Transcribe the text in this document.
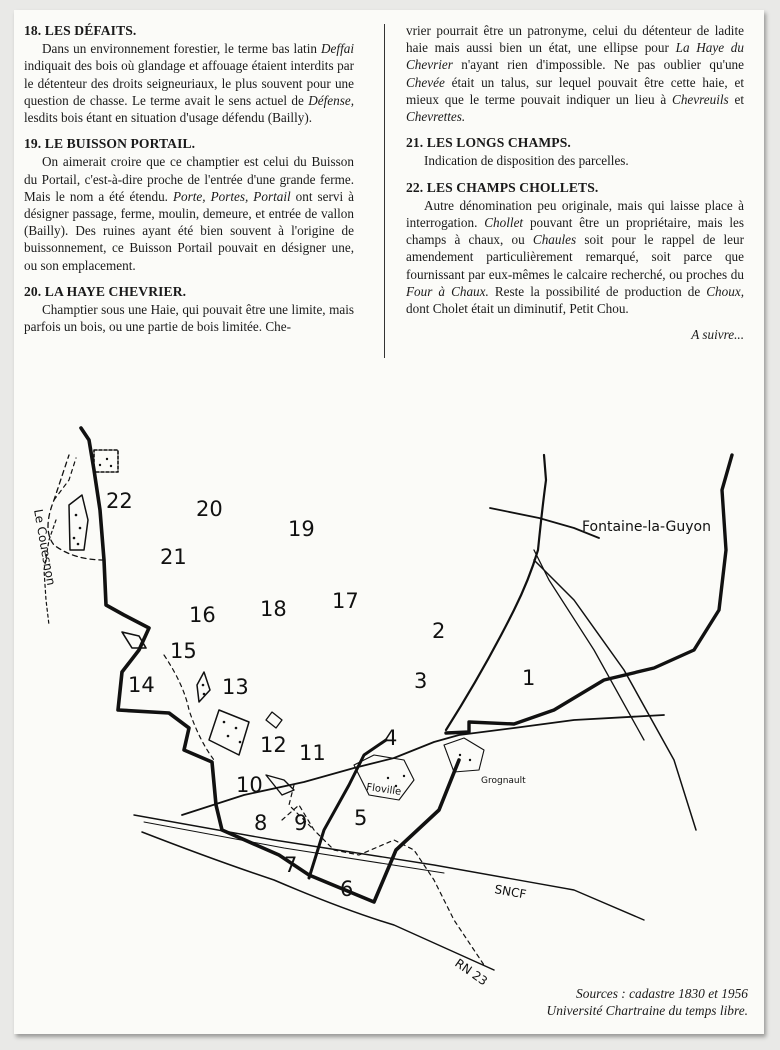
18. LES DÉFAITS.

Dans un environnement forestier, le terme bas latin Deffai indiquait des bois où glandage et affouage étaient interdits par le détenteur des droits seigneuriaux, le plus souvent pour une question de chasse. Le terme avait le sens actuel de Défense, lesdits bois étant en situation d'usage défendu (Bailly).

19. LE BUISSON PORTAIL.

On aimerait croire que ce champtier est celui du Buisson du Portail, c'est-à-dire proche de l'entrée d'une grande ferme. Mais le nom a été étendu. Porte, Portes, Portail ont servi à désigner passage, ferme, moulin, demeure, et entrée de vallon (Bailly). Des ruines ayant été bien souvent à l'origine de buissonnement, ce Buisson Portail pouvait en désigner une, ou son emplacement.

20. LA HAYE CHEVRIER.

Champtier sous une Haie, qui pouvait être une limite, mais parfois un bois, ou une partie de bois limitée. Che-

vrier pourrait être un patronyme, celui du détenteur de ladite haie mais aussi bien un état, une ellipse pour La Haye du Chevrier n'ayant rien d'impossible. Ne pas oublier qu'une Chevée était un talus, sur lequel pouvait être cette haie, et mieux que le terme pouvait indiquer un lieu à Chevreuils et Chevrettes.

21. LES LONGS CHAMPS.

Indication de disposition des parcelles.

22. LES CHAMPS CHOLLETS.

Autre dénomination peu originale, mais qui laisse place à interrogation. Chollet pouvant être un propriétaire, mais les champs à chaux, ou Chaules soit pour le rappel de leur amendement particulièrement remarqué, soit parce que fournissant par eux-mêmes le calcaire recherché, ou proches du Four à Chaux. Reste la possibilité de production de Choux, dont Cholet était un diminutif, Petit Chou.

A suivre...
1
2
3
4
5
6
7
8 9
10
11
12
13
14
15
16
17
18
19
20
21
22
Fontaine-la-Guyon
Floville
Grognault
Le Couesnon
SNCF
RN 23
Sources : cadastre 1830 et 1956
Université Chartraine du temps libre.
